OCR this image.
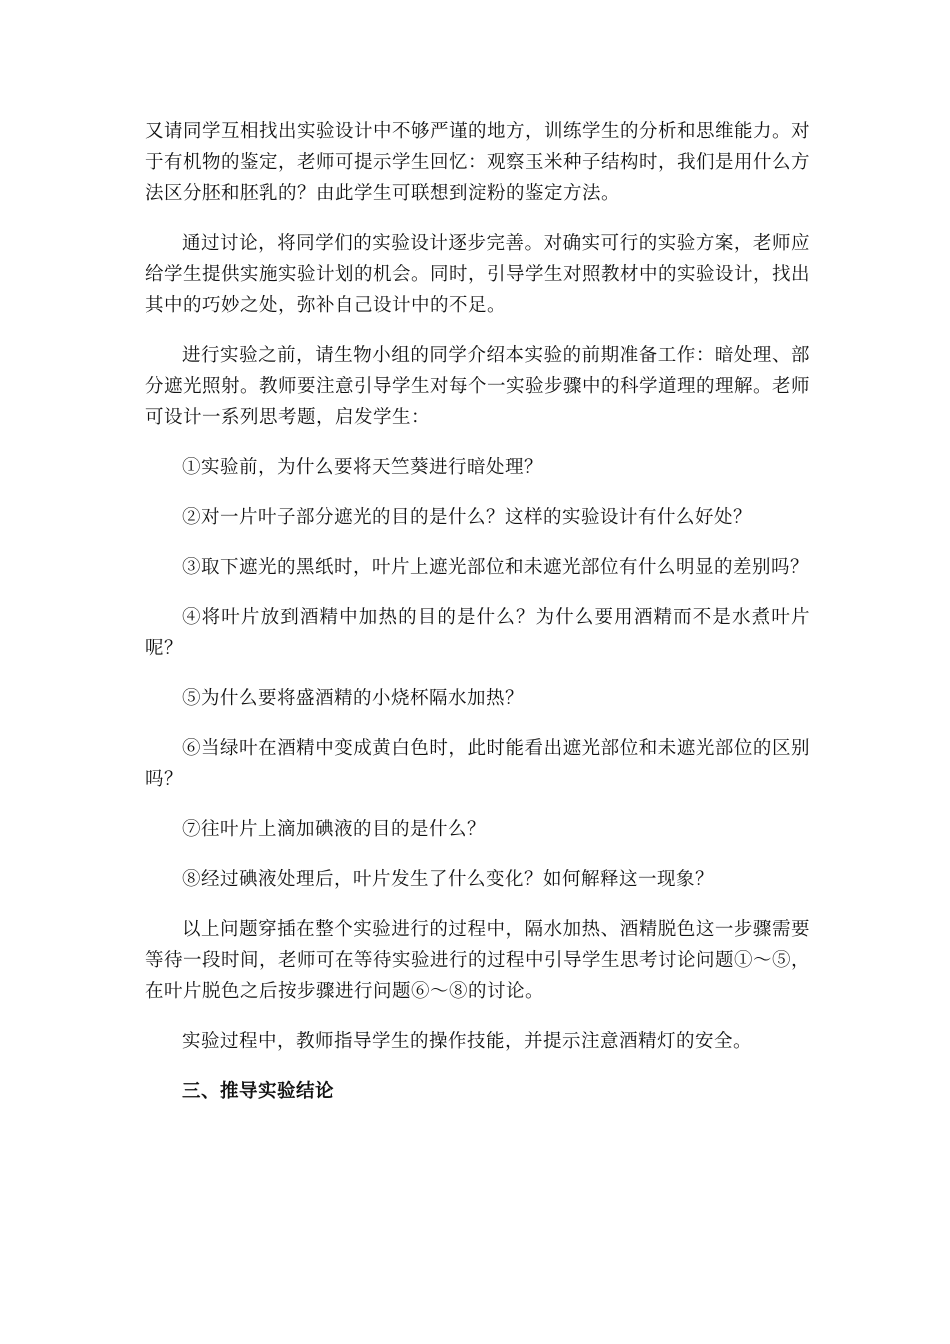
又请同学互相找出实验设计中不够严谨的地方，训练学生的分析和思维能力。对于有机物的鉴定，老师可提示学生回忆：观察玉米种子结构时，我们是用什么方法区分胚和胚乳的？由此学生可联想到淀粉的鉴定方法。

通过讨论，将同学们的实验设计逐步完善。对确实可行的实验方案，老师应给学生提供实施实验计划的机会。同时，引导学生对照教材中的实验设计，找出其中的巧妙之处，弥补自己设计中的不足。

进行实验之前，请生物小组的同学介绍本实验的前期准备工作：暗处理、部分遮光照射。教师要注意引导学生对每个一实验步骤中的科学道理的理解。老师可设计一系列思考题，启发学生：

①实验前，为什么要将天竺葵进行暗处理？

②对一片叶子部分遮光的目的是什么？这样的实验设计有什么好处？

③取下遮光的黑纸时，叶片上遮光部位和未遮光部位有什么明显的差别吗？

④将叶片放到酒精中加热的目的是什么？为什么要用酒精而不是水煮叶片呢？

⑤为什么要将盛酒精的小烧杯隔水加热？

⑥当绿叶在酒精中变成黄白色时，此时能看出遮光部位和未遮光部位的区别吗？

⑦往叶片上滴加碘液的目的是什么？

⑧经过碘液处理后，叶片发生了什么变化？如何解释这一现象？

以上问题穿插在整个实验进行的过程中，隔水加热、酒精脱色这一步骤需要等待一段时间，老师可在等待实验进行的过程中引导学生思考讨论问题①～⑤，在叶片脱色之后按步骤进行问题⑥～⑧的讨论。

实验过程中，教师指导学生的操作技能，并提示注意酒精灯的安全。

三、推导实验结论
